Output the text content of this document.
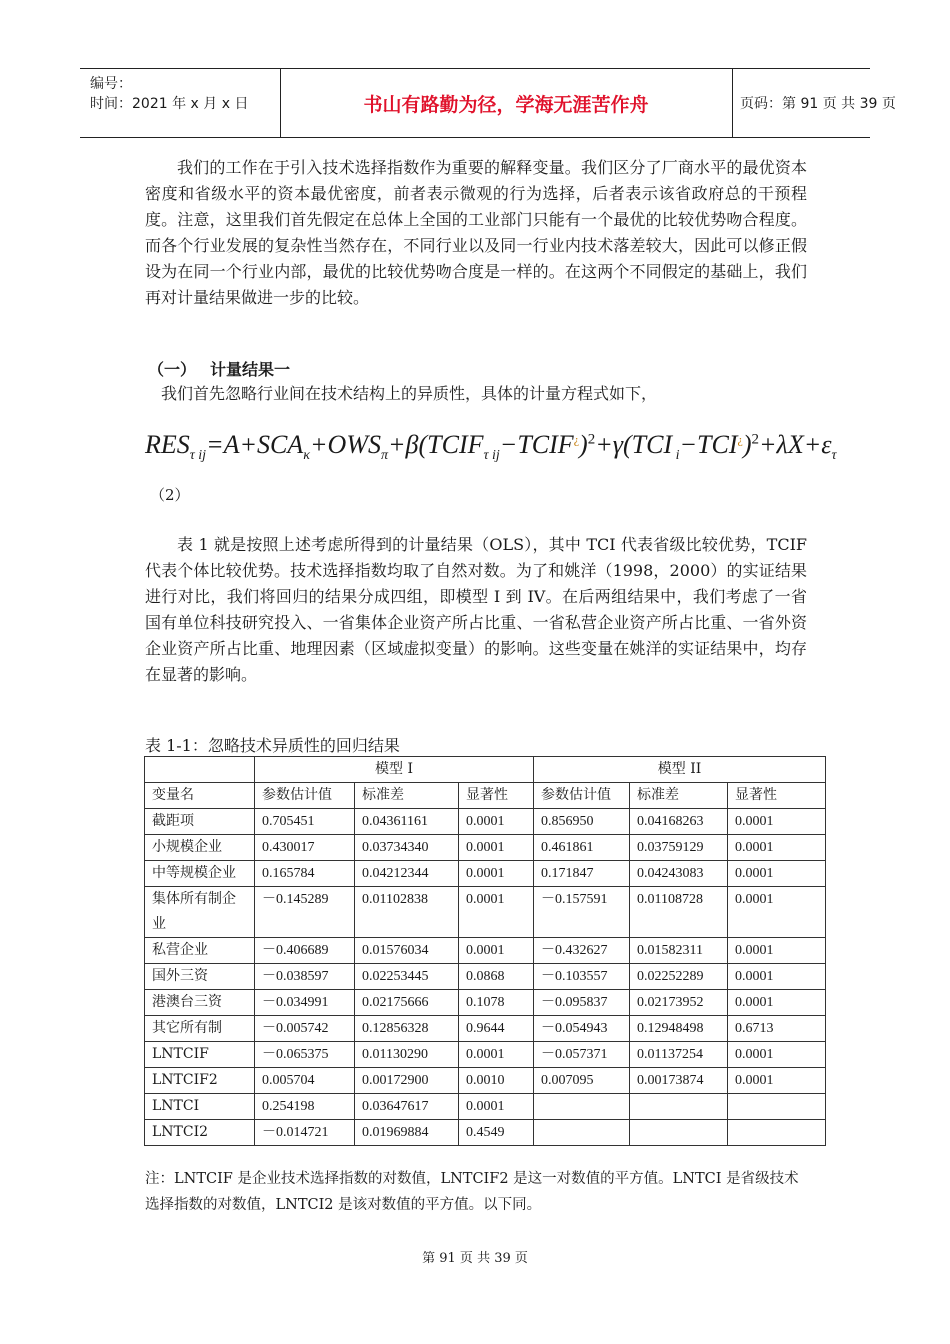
编号：
时间：2021 年 x 月 x 日	书山有路勤为径，学海无涯苦作舟	页码：第 91 页 共 39 页
我们的工作在于引入技术选择指数作为重要的解释变量。我们区分了厂商水平的最优资本密度和省级水平的资本最优密度，前者表示微观的行为选择，后者表示该省政府总的干预程度。注意，这里我们首先假定在总体上全国的工业部门只能有一个最优的比较优势吻合程度。而各个行业发展的复杂性当然存在，不同行业以及同一行业内技术落差较大，因此可以修正假设为在同一个行业内部，最优的比较优势吻合度是一样的。在这两个不同假定的基础上，我们再对计量结果做进一步的比较。
（一） 计量结果一
我们首先忽略行业间在技术结构上的异质性，具体的计量方程式如下，
$RES_{\tau ij}=A+SCA_\kappa+OWS_\pi+\beta(TCIF_{\tau ij}-TCIF^¿)^2+\gamma(TCI$ $_i-TCI^¿)^2+\lambda X+\varepsilon_\tau$
（2）
表 1 就是按照上述考虑所得到的计量结果（OLS），其中 TCI 代表省级比较优势，TCIF 代表个体比较优势。技术选择指数均取了自然对数。为了和姚洋（1998，2000）的实证结果进行对比，我们将回归的结果分成四组，即模型 I 到 IV。在后两组结果中，我们考虑了一省国有单位科技研究投入、一省集体企业资产所占比重、一省私营企业资产所占比重、一省外资企业资产所占比重、地理因素（区域虚拟变量）的影响。这些变量在姚洋的实证结果中，均存在显著的影响。
表 1-1：忽略技术异质性的回归结果
	模型 I			模型 II		
变量名	参数估计值	标准差	显著性	参数估计值	标准差	显著性
截距项	0.705451	0.04361161	0.0001	0.856950	0.04168263	0.0001
小规模企业	0.430017	0.03734340	0.0001	0.461861	0.03759129	0.0001
中等规模企业	0.165784	0.04212344	0.0001	0.171847	0.04243083	0.0001
集体所有制企业	－0.145289	0.01102838	0.0001	－0.157591	0.01108728	0.0001
私营企业	－0.406689	0.01576034	0.0001	－0.432627	0.01582311	0.0001
国外三资	－0.038597	0.02253445	0.0868	－0.103557	0.02252289	0.0001
港澳台三资	－0.034991	0.02175666	0.1078	－0.095837	0.02173952	0.0001
其它所有制	－0.005742	0.12856328	0.9644	－0.054943	0.12948498	0.6713
LNTCIF	－0.065375	0.01130290	0.0001	－0.057371	0.01137254	0.0001
LNTCIF2	0.005704	0.00172900	0.0010	0.007095	0.00173874	0.0001
LNTCI	0.254198	0.03647617	0.0001			
LNTCI2	－0.014721	0.01969884	0.4549			
注：LNTCIF 是企业技术选择指数的对数值，LNTCIF2 是这一对数值的平方值。LNTCI 是省级技术选择指数的对数值，LNTCI2 是该对数值的平方值。以下同。
第 91 页 共 39 页
